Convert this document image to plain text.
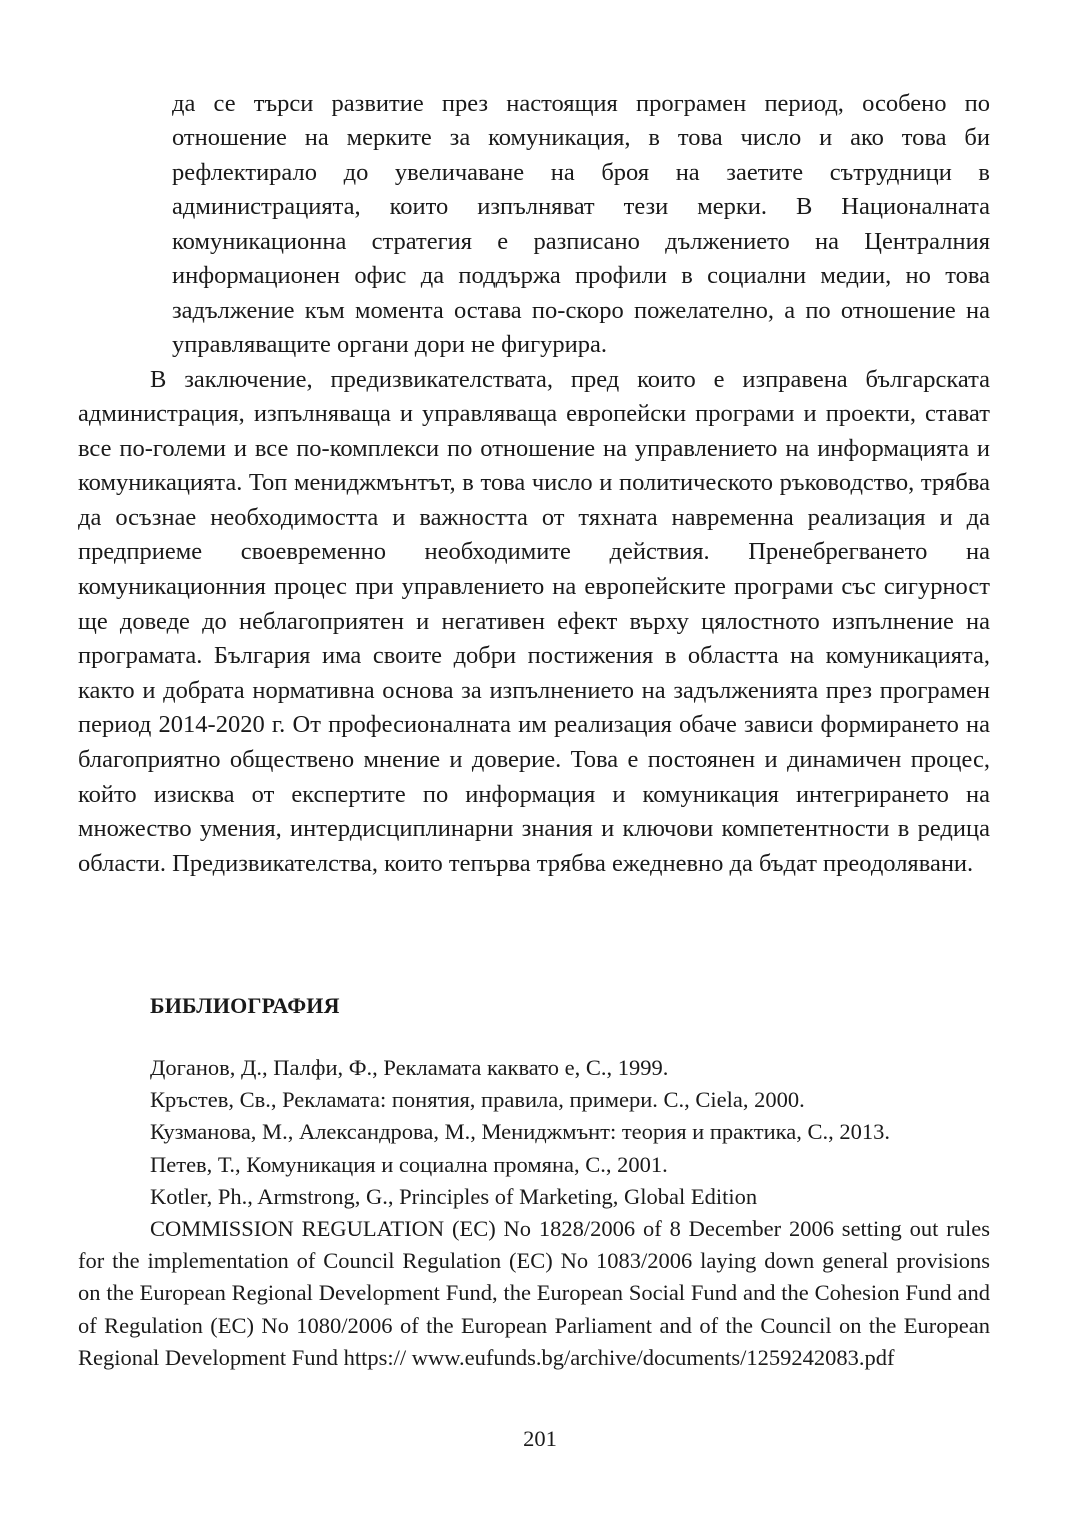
да се търси развитие през настоящия програмен период, особено по отношение на мерките за комуникация, в това число и ако това би рефлектирало до увеличаване на броя на заетите сътрудници в администрацията, които изпълняват тези мерки. В Националната комуникационна стратегия е разписано дължението на Централния информационен офис да поддържа профили в социални медии, но това задължение към момента остава по-скоро пожелателно, а по отношение на управляващите органи дори не фигурира.

В заключение, предизвикателствата, пред които е изправена българската администрация, изпълняваща и управляваща европейски програми и проекти, стават все по-големи и все по-комплекси по отношение на управлението на информацията и комуникацията. Топ мениджмънтът, в това число и политическото ръководство, трябва да осъзнае необходимостта и важността от тяхната навременна реализация и да предприеме своевременно необходимите действия. Пренебрегването на комуникационния процес при управлението на европейските програми със сигурност ще доведе до неблагоприятен и негативен ефект върху цялостното изпълнение на програмата. България има своите добри постижения в областта на комуникацията, както и добрата нормативна основа за изпълнението на задълженията през програмен период 2014-2020 г. От професионалната им реализация обаче зависи формирането на благоприятно обществено мнение и доверие. Това е постоянен и динамичен процес, който изисква от експертите по информация и комуникация интегрирането на множество умения, интердисциплинарни знания и ключови компетентности в редица области. Предизвикателства, които тепърва трябва ежедневно да бъдат преодолявани.

БИБЛИОГРАФИЯ

Доганов, Д., Палфи, Ф., Рекламата каквато е, С., 1999.

Кръстев, Св., Рекламата: понятия, правила, примери. С., Ciela, 2000.

Кузманова, М., Александрова, М., Мениджмънт: теория и практика, С., 2013.

Петев, Т., Комуникация и социална промяна, С., 2001.

Kotler, Ph., Armstrong, G., Principles of Marketing, Global Edition

COMMISSION REGULATION (EC) No 1828/2006 of 8 December 2006 setting out rules for the implementation of Council Regulation (EC) No 1083/2006 laying down general provisions on the European Regional Development Fund, the European Social Fund and the Cohesion Fund and of Regulation (EC) No 1080/2006 of the European Parliament and of the Council on the European Regional Development Fund https:// www.eufunds.bg/archive/documents/1259242083.pdf

201
